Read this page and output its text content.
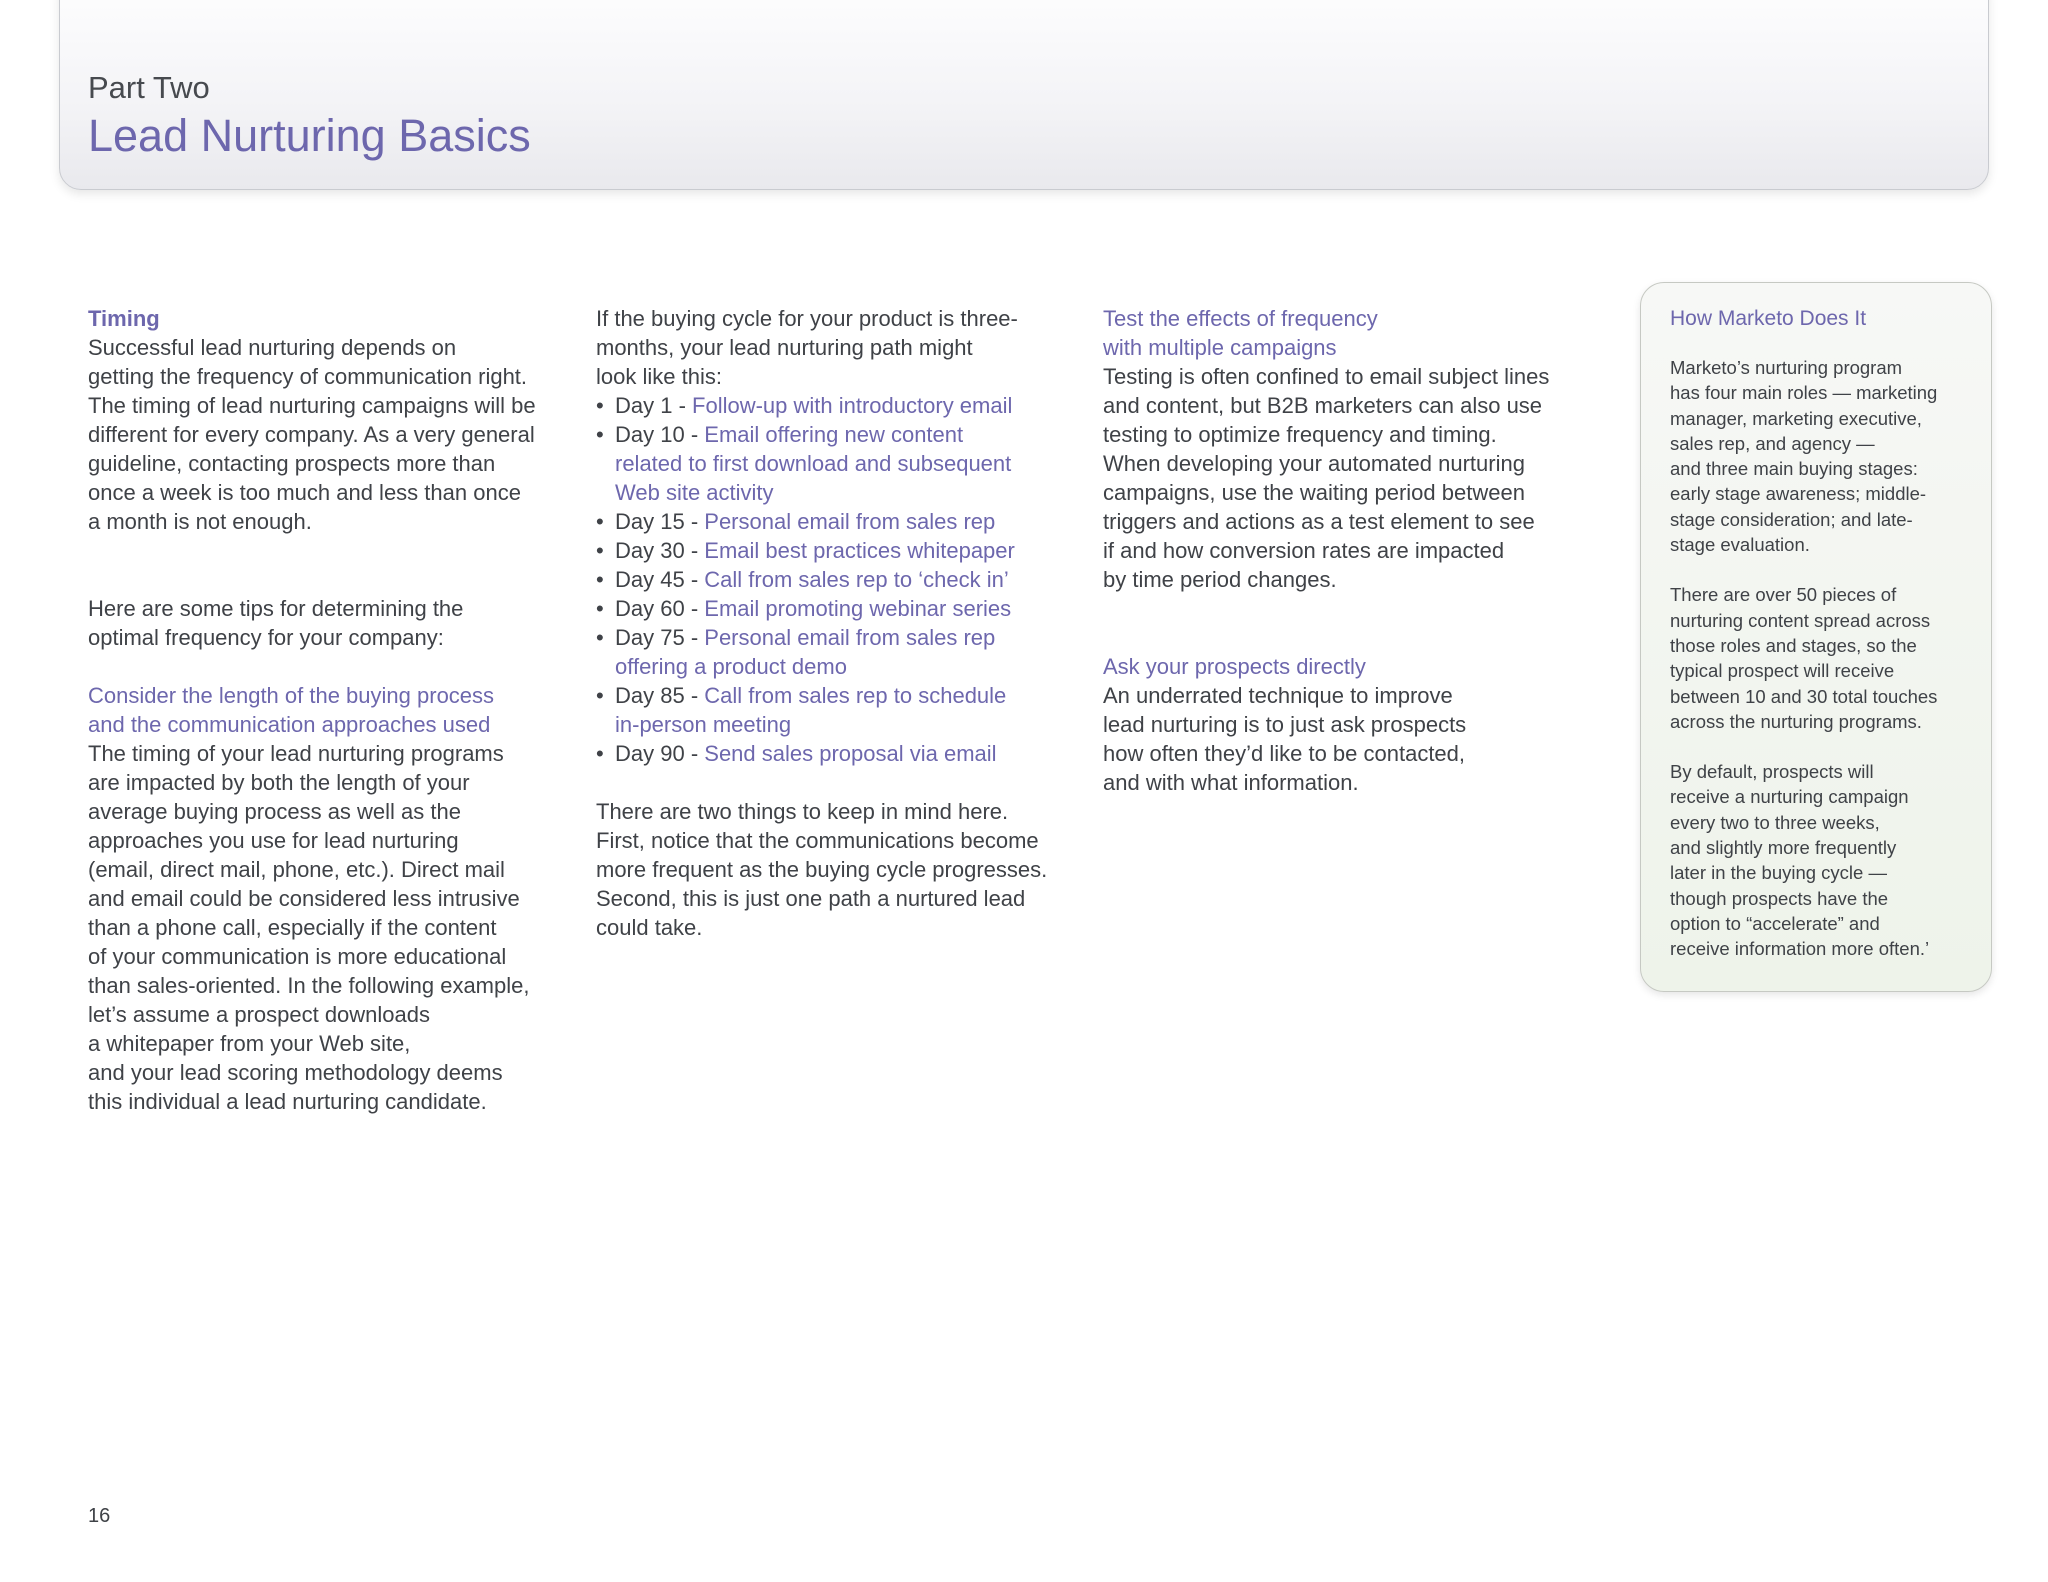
Part Two
Lead Nurturing Basics

Timing

Successful lead nurturing depends on
getting the frequency of communication right.
The timing of lead nurturing campaigns will be
different for every company. As a very general
guideline, contacting prospects more than
once a week is too much and less than once
a month is not enough.
Here are some tips for determining the
optimal frequency for your company:
Consider the length of the buying process
and the communication approaches used
The timing of your lead nurturing programs
are impacted by both the length of your
average buying process as well as the
approaches you use for lead nurturing
(email, direct mail, phone, etc.). Direct mail
and email could be considered less intrusive
than a phone call, especially if the content
of your communication is more educational
than sales-oriented. In the following example,
let’s assume a prospect downloads
a whitepaper from your Web site,
and your lead scoring methodology deems
this individual a lead nurturing candidate.
If the buying cycle for your product is three-
months, your lead nurturing path might
look like this:
• Day 1 - Follow-up with introductory email
• Day 10 - Email offering new content
related to first download and subsequent
Web site activity
• Day 15 - Personal email from sales rep
• Day 30 - Email best practices whitepaper
• Day 45 - Call from sales rep to ‘check in’
• Day 60 - Email promoting webinar series
• Day 75 - Personal email from sales rep
offering a product demo
• Day 85 - Call from sales rep to schedule
in-person meeting
• Day 90 - Send sales proposal via email
There are two things to keep in mind here.
First, notice that the communications become
more frequent as the buying cycle progresses.
Second, this is just one path a nurtured lead
could take.
Test the effects of frequency
with multiple campaigns
Testing is often confined to email subject lines
and content, but B2B marketers can also use
testing to optimize frequency and timing.
When developing your automated nurturing
campaigns, use the waiting period between
triggers and actions as a test element to see
if and how conversion rates are impacted
by time period changes.
Ask your prospects directly
An underrated technique to improve
lead nurturing is to just ask prospects
how often they’d like to be contacted,
and with what information.
How Marketo Does It

Marketo’s nurturing program
has four main roles — marketing
manager, marketing executive,
sales rep, and agency —
and three main buying stages:
early stage awareness; middle-
stage consideration; and late-
stage evaluation.

There are over 50 pieces of
nurturing content spread across
those roles and stages, so the
typical prospect will receive
between 10 and 30 total touches
across the nurturing programs.

By default, prospects will
receive a nurturing campaign
every two to three weeks,
and slightly more frequently
later in the buying cycle —
though prospects have the
option to “accelerate” and
receive information more often.’

16
